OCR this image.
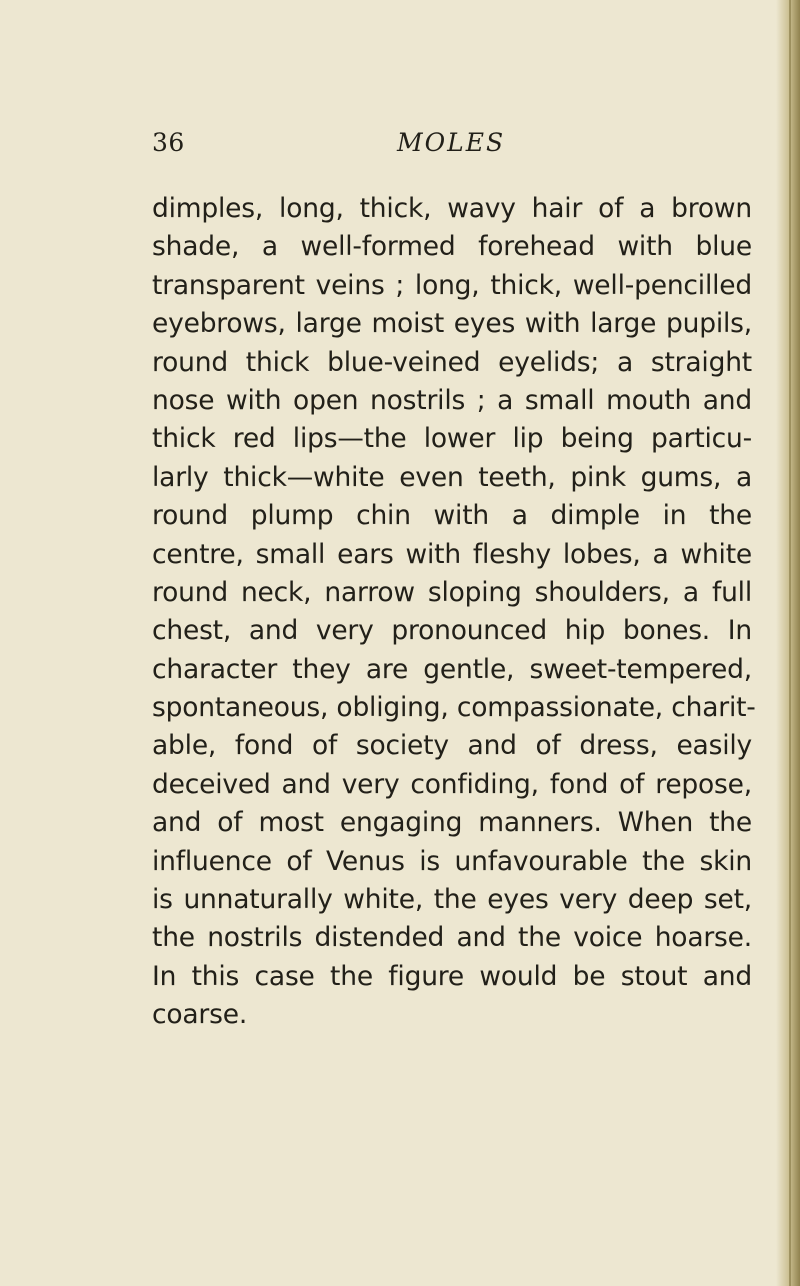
36	MOLES
dimples, long, thick, wavy hair of a brown
shade, a well-formed forehead with blue
transparent veins ; long, thick, well-pencilled
eyebrows, large moist eyes with large pupils,
round thick blue-veined eyelids; a straight
nose with open nostrils ; a small mouth and
thick red lips—the lower lip being particu-
larly thick—white even teeth, pink gums, a
round plump chin with a dimple in the
centre, small ears with fleshy lobes, a white
round neck, narrow sloping shoulders, a full
chest, and very pronounced hip bones. In
character they are gentle, sweet-tempered,
spontaneous, obliging, compassionate, charit-
able, fond of society and of dress, easily
deceived and very confiding, fond of repose,
and of most engaging manners. When the
influence of Venus is unfavourable the skin
is unnaturally white, the eyes very deep set,
the nostrils distended and the voice hoarse.
In this case the figure would be stout and
coarse.
